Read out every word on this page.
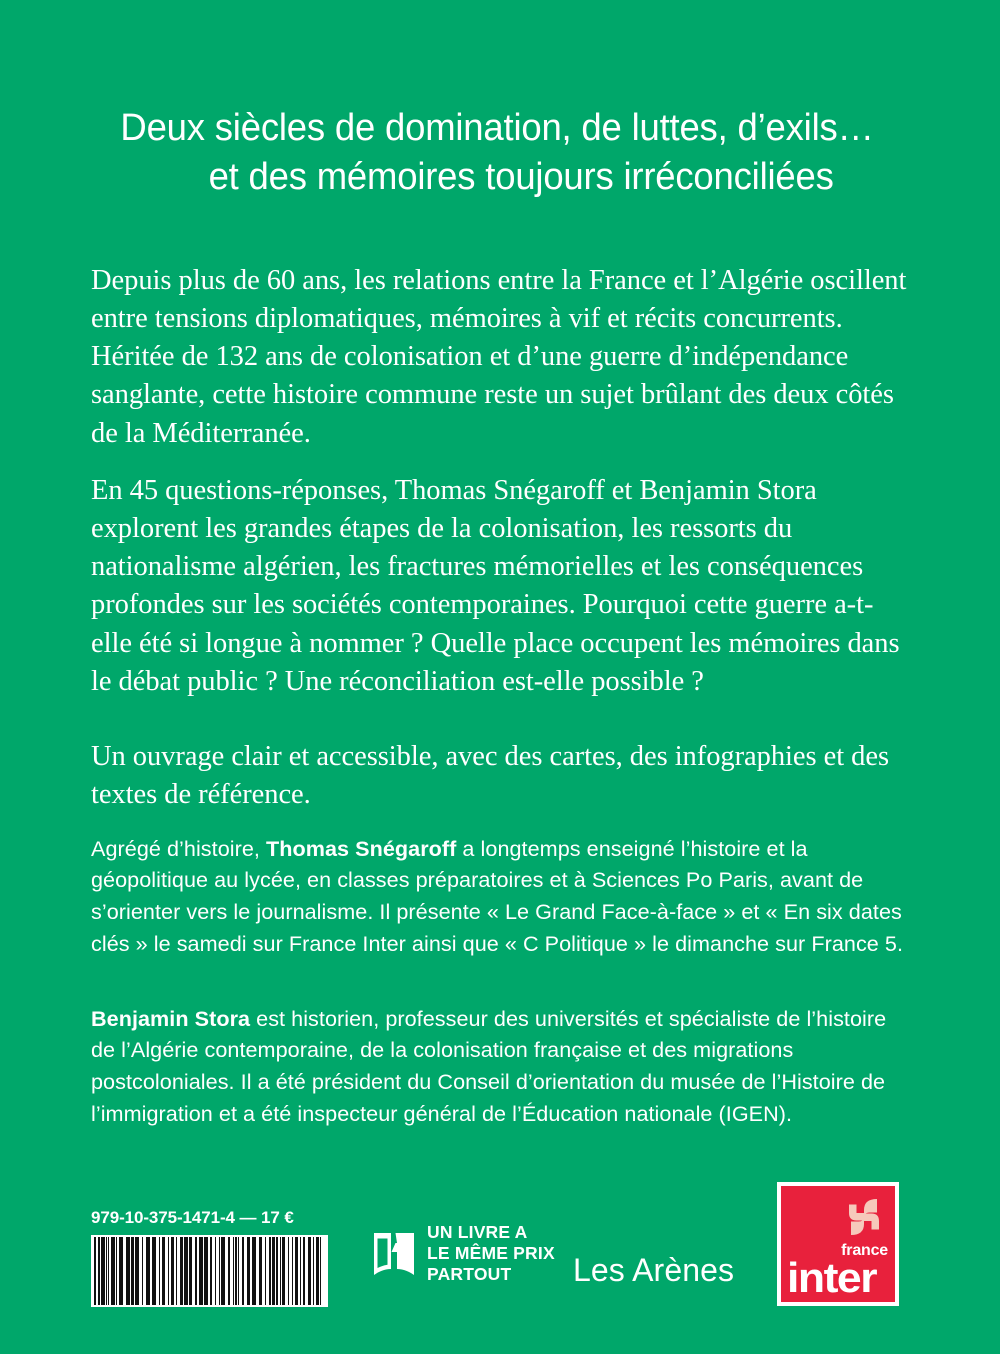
Deux siècles de domination, de luttes, d’exils…
et des mémoires toujours irréconciliées

Depuis plus de 60 ans, les relations entre la France et l’Algérie oscillent entre tensions diplomatiques, mémoires à vif et récits concurrents. Héritée de 132 ans de colonisation et d’une guerre d’indépendance sanglante, cette histoire commune reste un sujet brûlant des deux côtés de la Méditerranée.

En 45 questions-réponses, Thomas Snégaroff et Benjamin Stora explorent les grandes étapes de la colonisation, les ressorts du nationalisme algérien, les fractures mémorielles et les conséquences profondes sur les sociétés contemporaines. Pourquoi cette guerre a-t-elle été si longue à nommer ? Quelle place occupent les mémoires dans le débat public ? Une réconciliation est-elle possible ?

Un ouvrage clair et accessible, avec des cartes, des infographies et des textes de référence.

Agrégé d’histoire, Thomas Snégaroff a longtemps enseigné l’histoire et la géopolitique au lycée, en classes préparatoires et à Sciences Po Paris, avant de s’orienter vers le journalisme. Il présente « Le Grand Face-à-face » et « En six dates clés » le samedi sur France Inter ainsi que « C Politique » le dimanche sur France 5.

Benjamin Stora est historien, professeur des universités et spécialiste de l’histoire de l’Algérie contemporaine, de la colonisation française et des migrations postcoloniales. Il a été président du Conseil d’orientation du musée de l’Histoire de l’immigration et a été inspecteur général de l’Éducation nationale (IGEN).

979-10-375-1471-4 — 17 €
UN LIVRE A
LE MÊME PRIX
PARTOUT	Les Arènes
france
inter
